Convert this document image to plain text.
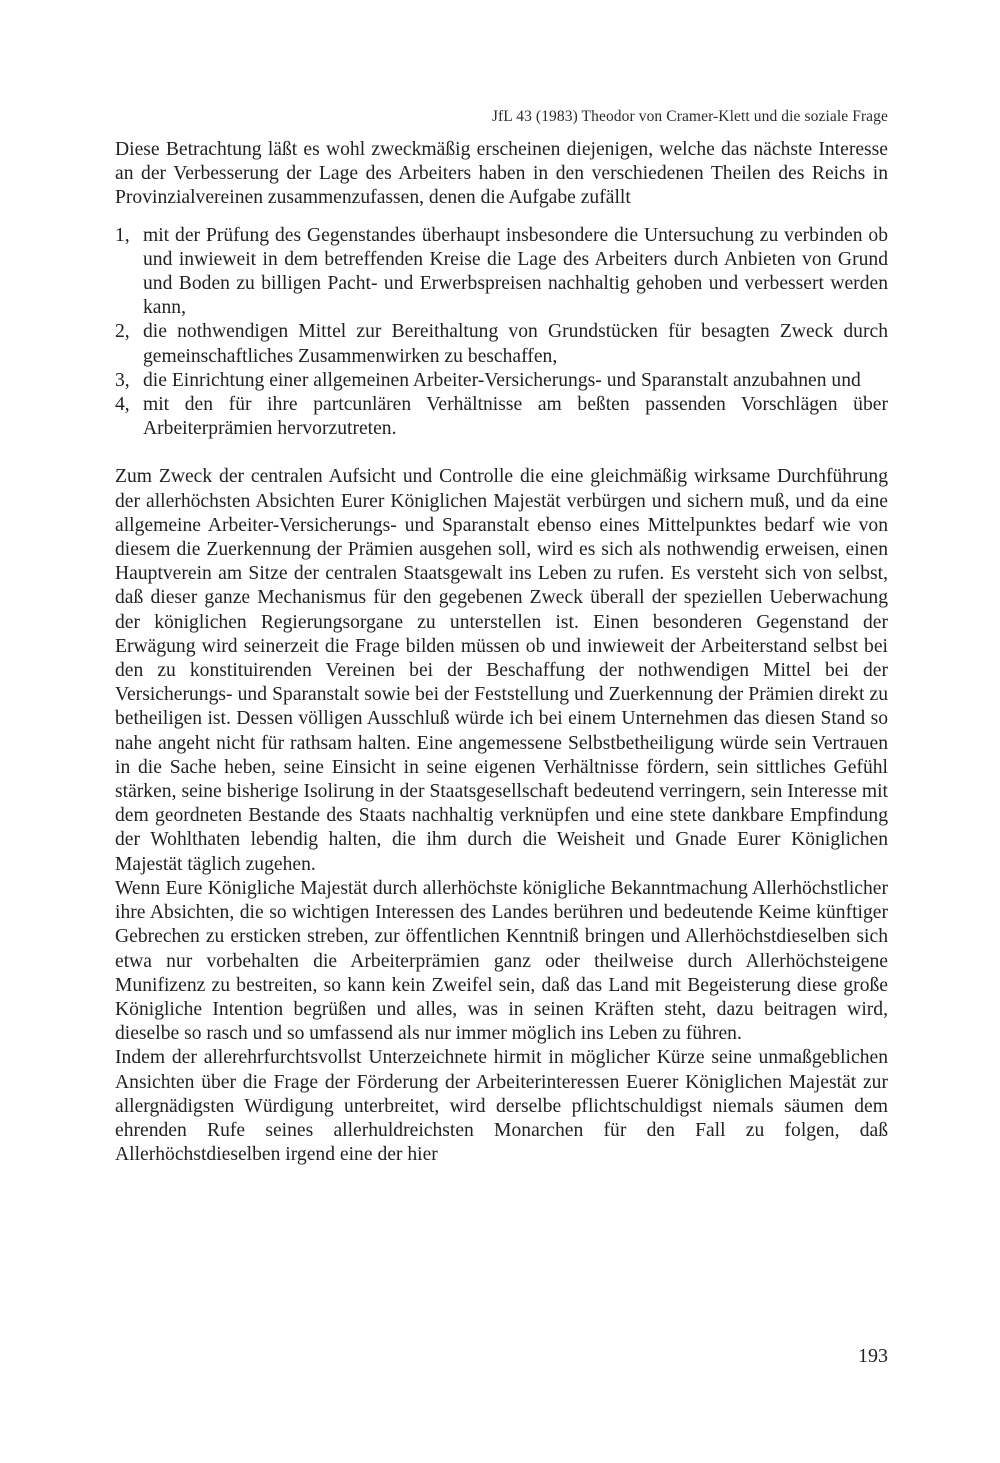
JfL 43 (1983) Theodor von Cramer-Klett und die soziale Frage

Diese Betrachtung läßt es wohl zweckmäßig erscheinen diejenigen, welche das nächste Interesse an der Verbesserung der Lage des Arbeiters haben in den verschiedenen Theilen des Reichs in Provinzialvereinen zusammenzufassen, denen die Aufgabe zufällt

1, mit der Prüfung des Gegenstandes überhaupt insbesondere die Untersuchung zu verbinden ob und inwieweit in dem betreffenden Kreise die Lage des Arbeiters durch Anbieten von Grund und Boden zu billigen Pacht- und Erwerbspreisen nachhaltig gehoben und verbessert werden kann,
2, die nothwendigen Mittel zur Bereithaltung von Grundstücken für besagten Zweck durch gemeinschaftliches Zusammenwirken zu beschaffen,
3, die Einrichtung einer allgemeinen Arbeiter-Versicherungs- und Sparanstalt anzubahnen und
4, mit den für ihre partcunlären Verhältnisse am beßten passenden Vorschlägen über Arbeiterprämien hervorzutreten.

Zum Zweck der centralen Aufsicht und Controlle die eine gleichmäßig wirksame Durchführung der allerhöchsten Absichten Eurer Königlichen Majestät verbürgen und sichern muß, und da eine allgemeine Arbeiter-Versicherungs- und Sparanstalt ebenso eines Mittelpunktes bedarf wie von diesem die Zuerkennung der Prämien ausgehen soll, wird es sich als nothwendig erweisen, einen Hauptverein am Sitze der centralen Staatsgewalt ins Leben zu rufen. Es versteht sich von selbst, daß dieser ganze Mechanismus für den gegebenen Zweck überall der speziellen Ueberwachung der königlichen Regierungsorgane zu unterstellen ist. Einen besonderen Gegenstand der Erwägung wird seinerzeit die Frage bilden müssen ob und inwieweit der Arbeiterstand selbst bei den zu konstituirenden Vereinen bei der Beschaffung der nothwendigen Mittel bei der Versicherungs- und Sparanstalt sowie bei der Feststellung und Zuerkennung der Prämien direkt zu betheiligen ist. Dessen völligen Ausschluß würde ich bei einem Unternehmen das diesen Stand so nahe angeht nicht für rathsam halten. Eine angemessene Selbstbetheiligung würde sein Vertrauen in die Sache heben, seine Einsicht in seine eigenen Verhältnisse fördern, sein sittliches Gefühl stärken, seine bisherige Isolirung in der Staatsgesellschaft bedeutend verringern, sein Interesse mit dem geordneten Bestande des Staats nachhaltig verknüpfen und eine stete dankbare Empfindung der Wohlthaten lebendig halten, die ihm durch die Weisheit und Gnade Eurer Königlichen Majestät täglich zugehen.

Wenn Eure Königliche Majestät durch allerhöchste königliche Bekanntmachung Allerhöchstlicher ihre Absichten, die so wichtigen Interessen des Landes berühren und bedeutende Keime künftiger Gebrechen zu ersticken streben, zur öffentlichen Kenntniß bringen und Allerhöchstdieselben sich etwa nur vorbehalten die Arbeiterprämien ganz oder theilweise durch Allerhöchsteigene Munifizenz zu bestreiten, so kann kein Zweifel sein, daß das Land mit Begeisterung diese große Königliche Intention begrüßen und alles, was in seinen Kräften steht, dazu beitragen wird, dieselbe so rasch und so umfassend als nur immer möglich ins Leben zu führen.

Indem der allerehrfurchtsvollst Unterzeichnete hirmit in möglicher Kürze seine unmaßgeblichen Ansichten über die Frage der Förderung der Arbeiterinteressen Euerer Königlichen Majestät zur allergnädigsten Würdigung unterbreitet, wird derselbe pflichtschuldigst niemals säumen dem ehrenden Rufe seines allerhuldreichsten Monarchen für den Fall zu folgen, daß Allerhöchstdieselben irgend eine der hier

193
